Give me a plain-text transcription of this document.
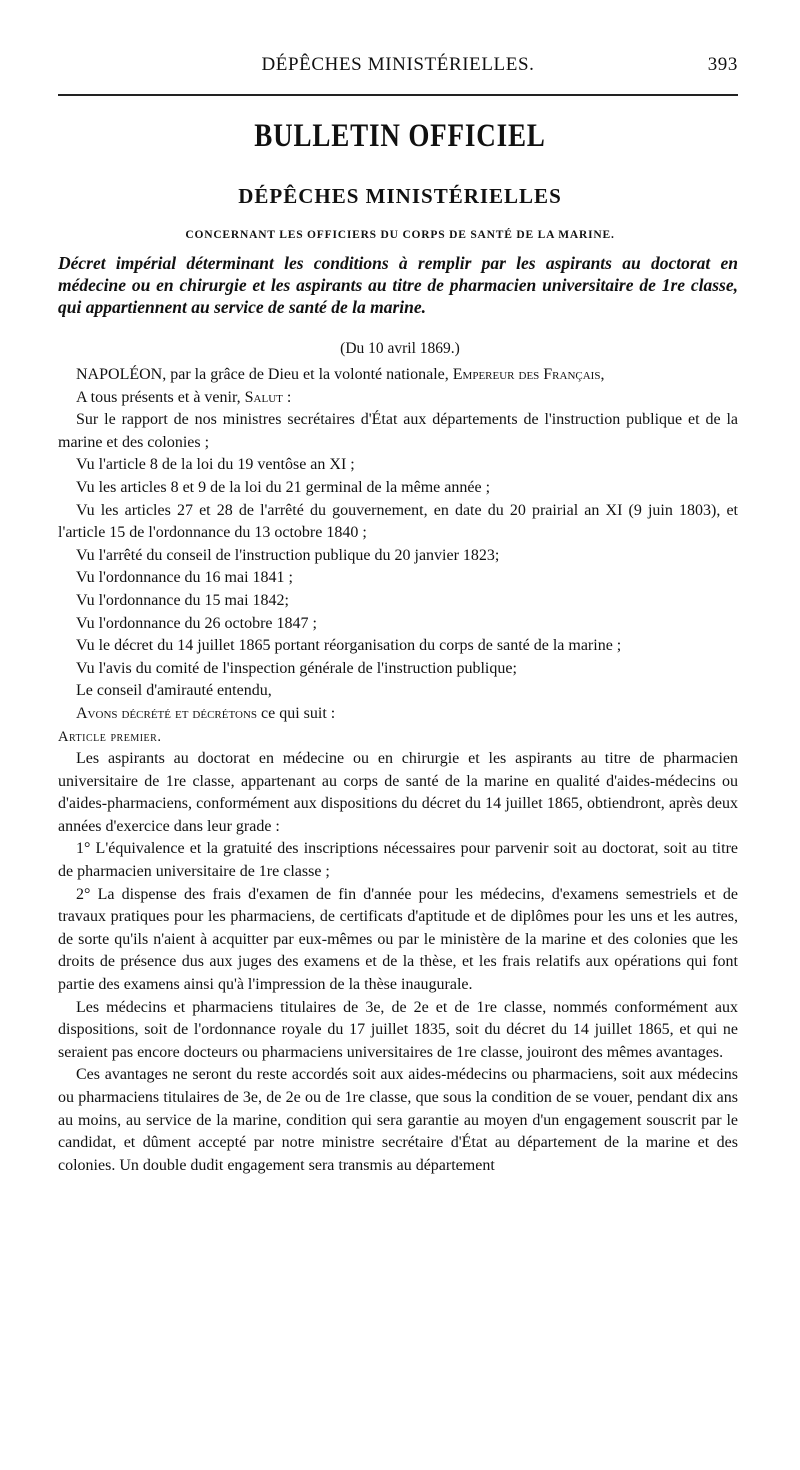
DÉPÊCHES MINISTÉRIELLES.	393
BULLETIN OFFICIEL
DÉPÊCHES MINISTÉRIELLES
CONCERNANT LES OFFICIERS DU CORPS DE SANTÉ DE LA MARINE.
Décret impérial déterminant les conditions à remplir par les aspirants au doctorat en médecine ou en chirurgie et les aspirants au titre de pharmacien universitaire de 1re classe, qui appartiennent au service de santé de la marine.
(Du 10 avril 1869.)

NAPOLÉON, par la grâce de Dieu et la volonté nationale, Empereur des Français,

A tous présents et à venir, Salut :

Sur le rapport de nos ministres secrétaires d'État aux départements de l'instruction publique et de la marine et des colonies ;

Vu l'article 8 de la loi du 19 ventôse an XI ;

Vu les articles 8 et 9 de la loi du 21 germinal de la même année ;

Vu les articles 27 et 28 de l'arrêté du gouvernement, en date du 20 prairial an XI (9 juin 1803), et l'article 15 de l'ordonnance du 13 octobre 1840 ;

Vu l'arrêté du conseil de l'instruction publique du 20 janvier 1823;

Vu l'ordonnance du 16 mai 1841 ;

Vu l'ordonnance du 15 mai 1842;

Vu l'ordonnance du 26 octobre 1847 ;

Vu le décret du 14 juillet 1865 portant réorganisation du corps de santé de la marine ;

Vu l'avis du comité de l'inspection générale de l'instruction publique;

Le conseil d'amirauté entendu,

Avons décrété et décrétons ce qui suit :

Article premier.

Les aspirants au doctorat en médecine ou en chirurgie et les aspirants au titre de pharmacien universitaire de 1re classe, appartenant au corps de santé de la marine en qualité d'aides-médecins ou d'aides-pharmaciens, conformément aux dispositions du décret du 14 juillet 1865, obtiendront, après deux années d'exercice dans leur grade :

1° L'équivalence et la gratuité des inscriptions nécessaires pour parvenir soit au doctorat, soit au titre de pharmacien universitaire de 1re classe ;

2° La dispense des frais d'examen de fin d'année pour les médecins, d'examens semestriels et de travaux pratiques pour les pharmaciens, de certificats d'aptitude et de diplômes pour les uns et les autres, de sorte qu'ils n'aient à acquitter par eux-mêmes ou par le ministère de la marine et des colonies que les droits de présence dus aux juges des examens et de la thèse, et les frais relatifs aux opérations qui font partie des examens ainsi qu'à l'impression de la thèse inaugurale.

Les médecins et pharmaciens titulaires de 3e, de 2e et de 1re classe, nommés conformément aux dispositions, soit de l'ordonnance royale du 17 juillet 1835, soit du décret du 14 juillet 1865, et qui ne seraient pas encore docteurs ou pharmaciens universitaires de 1re classe, jouiront des mêmes avantages.

Ces avantages ne seront du reste accordés soit aux aides-médecins ou pharmaciens, soit aux médecins ou pharmaciens titulaires de 3e, de 2e ou de 1re classe, que sous la condition de se vouer, pendant dix ans au moins, au service de la marine, condition qui sera garantie au moyen d'un engagement souscrit par le candidat, et dûment accepté par notre ministre secrétaire d'État au département de la marine et des colonies. Un double dudit engagement sera transmis au département
